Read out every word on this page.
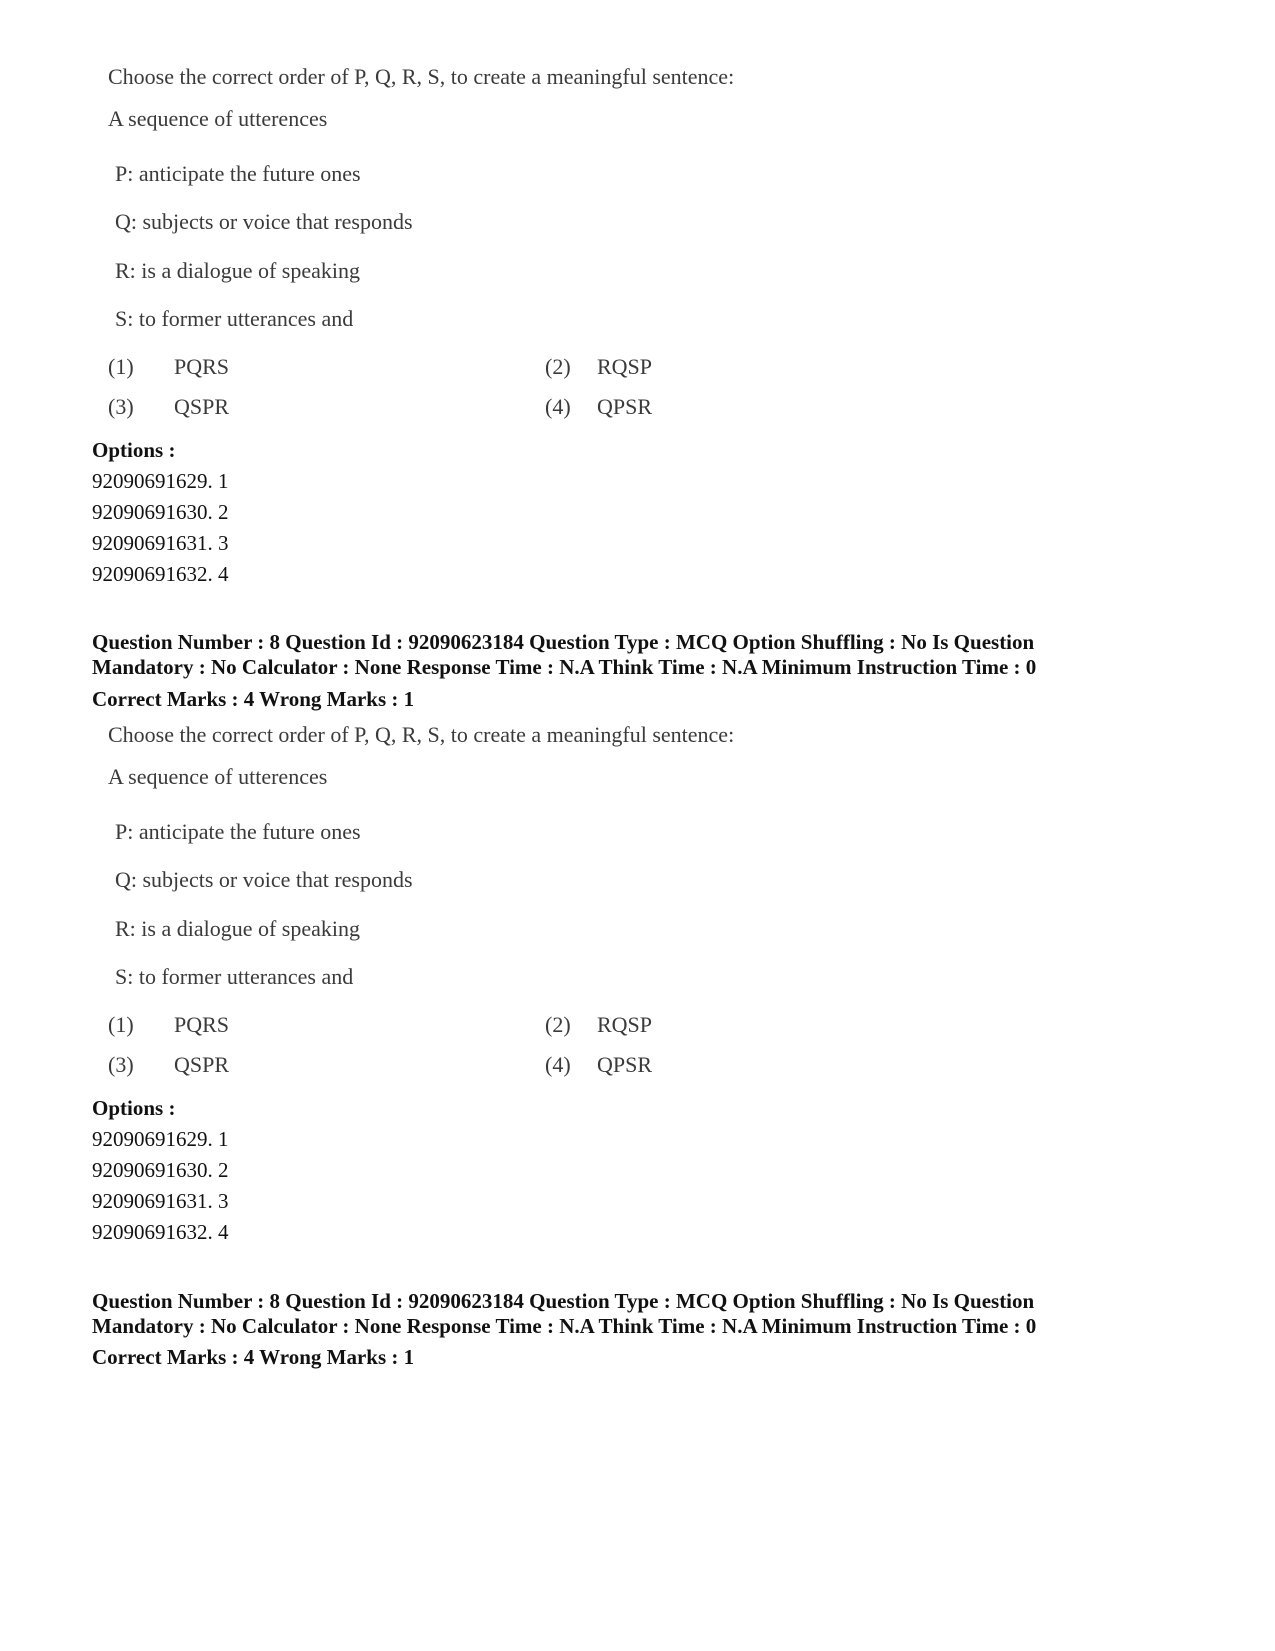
Choose the correct order of P, Q, R, S, to create a meaningful sentence:
A sequence of utterences
P: anticipate the future ones
Q: subjects or voice that responds
R: is a dialogue of speaking
S: to former utterances and
(1) PQRS	(2) RQSP
(3) QSPR	(4) QPSR
Options :
92090691629. 1
92090691630. 2
92090691631. 3
92090691632. 4
Question Number : 8 Question Id : 92090623184 Question Type : MCQ Option Shuffling : No Is Question
Mandatory : No Calculator : None Response Time : N.A Think Time : N.A Minimum Instruction Time : 0
Correct Marks : 4 Wrong Marks : 1
Choose the correct order of P, Q, R, S, to create a meaningful sentence:
A sequence of utterences
P: anticipate the future ones
Q: subjects or voice that responds
R: is a dialogue of speaking
S: to former utterances and
(1) PQRS	(2) RQSP
(3) QSPR	(4) QPSR
Options :
92090691629. 1
92090691630. 2
92090691631. 3
92090691632. 4
Question Number : 8 Question Id : 92090623184 Question Type : MCQ Option Shuffling : No Is Question
Mandatory : No Calculator : None Response Time : N.A Think Time : N.A Minimum Instruction Time : 0
Correct Marks : 4 Wrong Marks : 1
